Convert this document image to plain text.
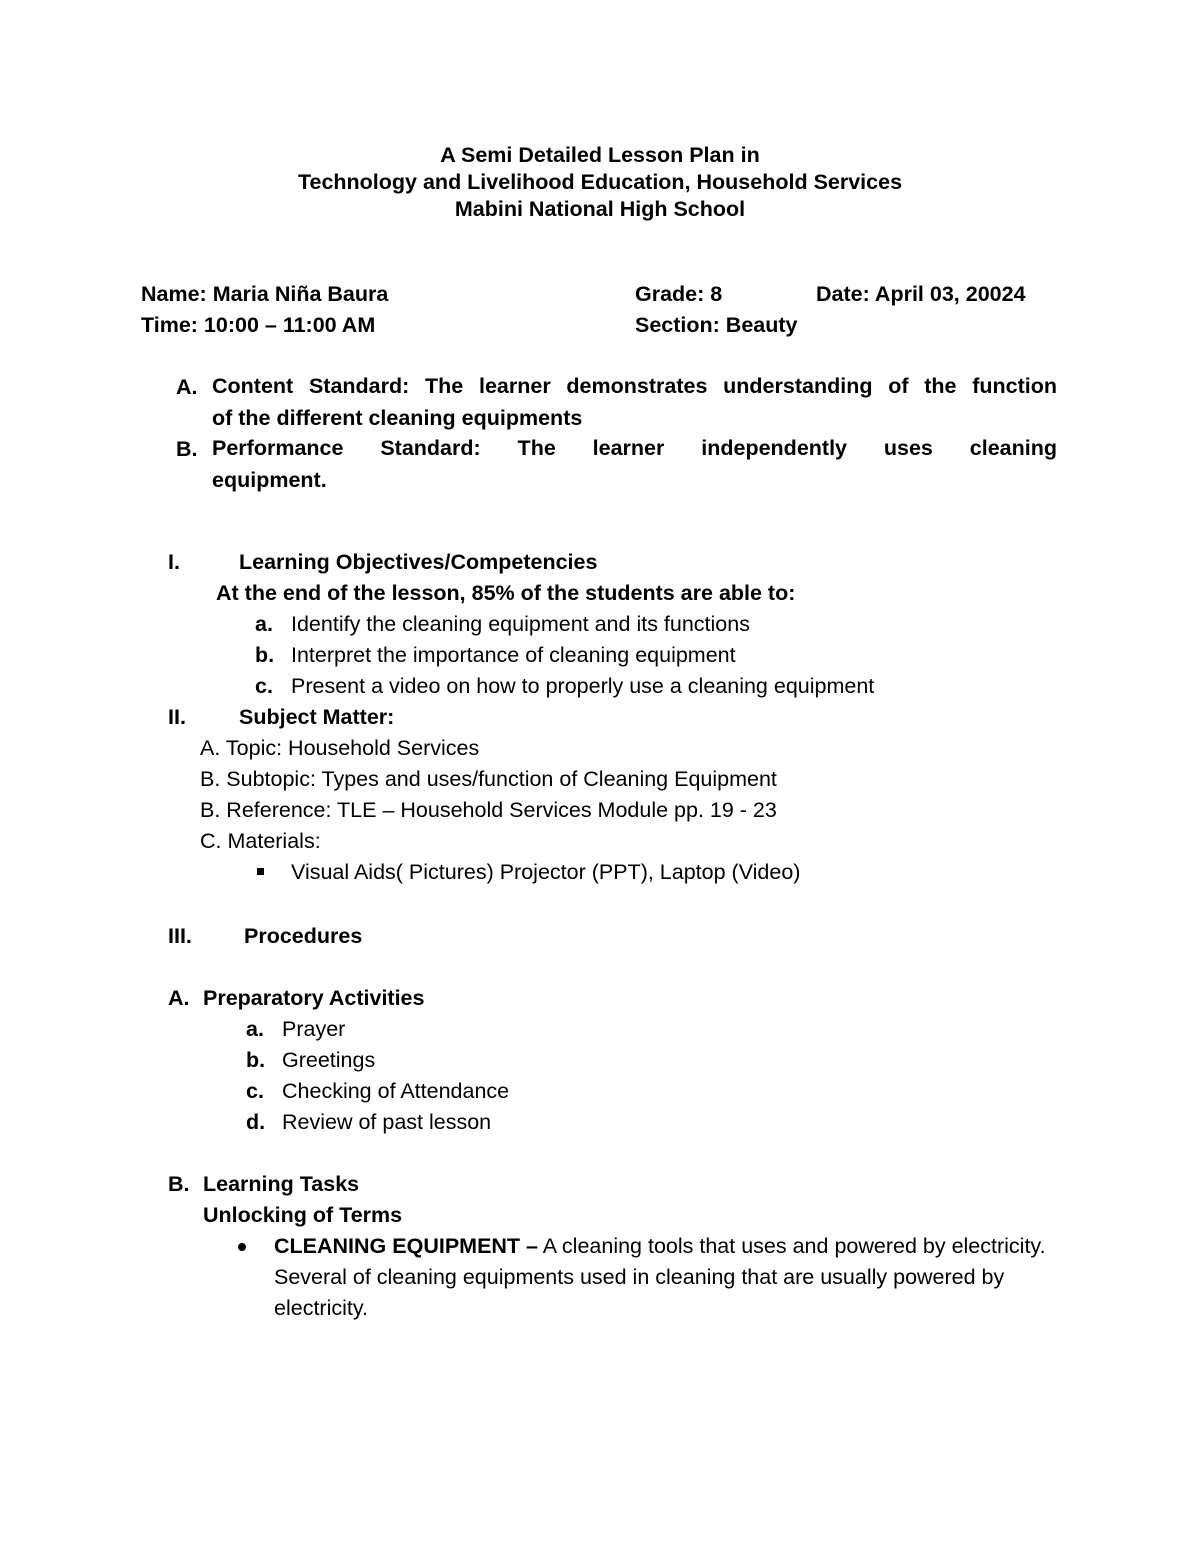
A Semi Detailed Lesson Plan in
Technology and Livelihood Education, Household Services
Mabini National High School
Name: Maria Niña Baura	Grade: 8	Date: April 03, 20024
Time: 10:00 – 11:00 AM	Section: Beauty
A. Content Standard: The learner demonstrates understanding of the function
of the different cleaning equipments
B. Performance Standard: The learner independently uses cleaning
equipment.
I.	Learning Objectives/Competencies
At the end of the lesson, 85% of the students are able to:
a. Identify the cleaning equipment and its functions
b. Interpret the importance of cleaning equipment
c. Present a video on how to properly use a cleaning equipment
II. Subject Matter:
A. Topic: Household Services
B. Subtopic: Types and uses/function of Cleaning Equipment
B. Reference: TLE – Household Services Module pp. 19 - 23
C. Materials:
Visual Aids( Pictures) Projector (PPT), Laptop (Video)
III. Procedures
A. Preparatory Activities
a. Prayer
b. Greetings
c. Checking of Attendance
d. Review of past lesson
B. Learning Tasks
Unlocking of Terms
CLEANING EQUIPMENT – A cleaning tools that uses and powered by electricity. Several of cleaning equipments used in cleaning that are usually powered by electricity.
